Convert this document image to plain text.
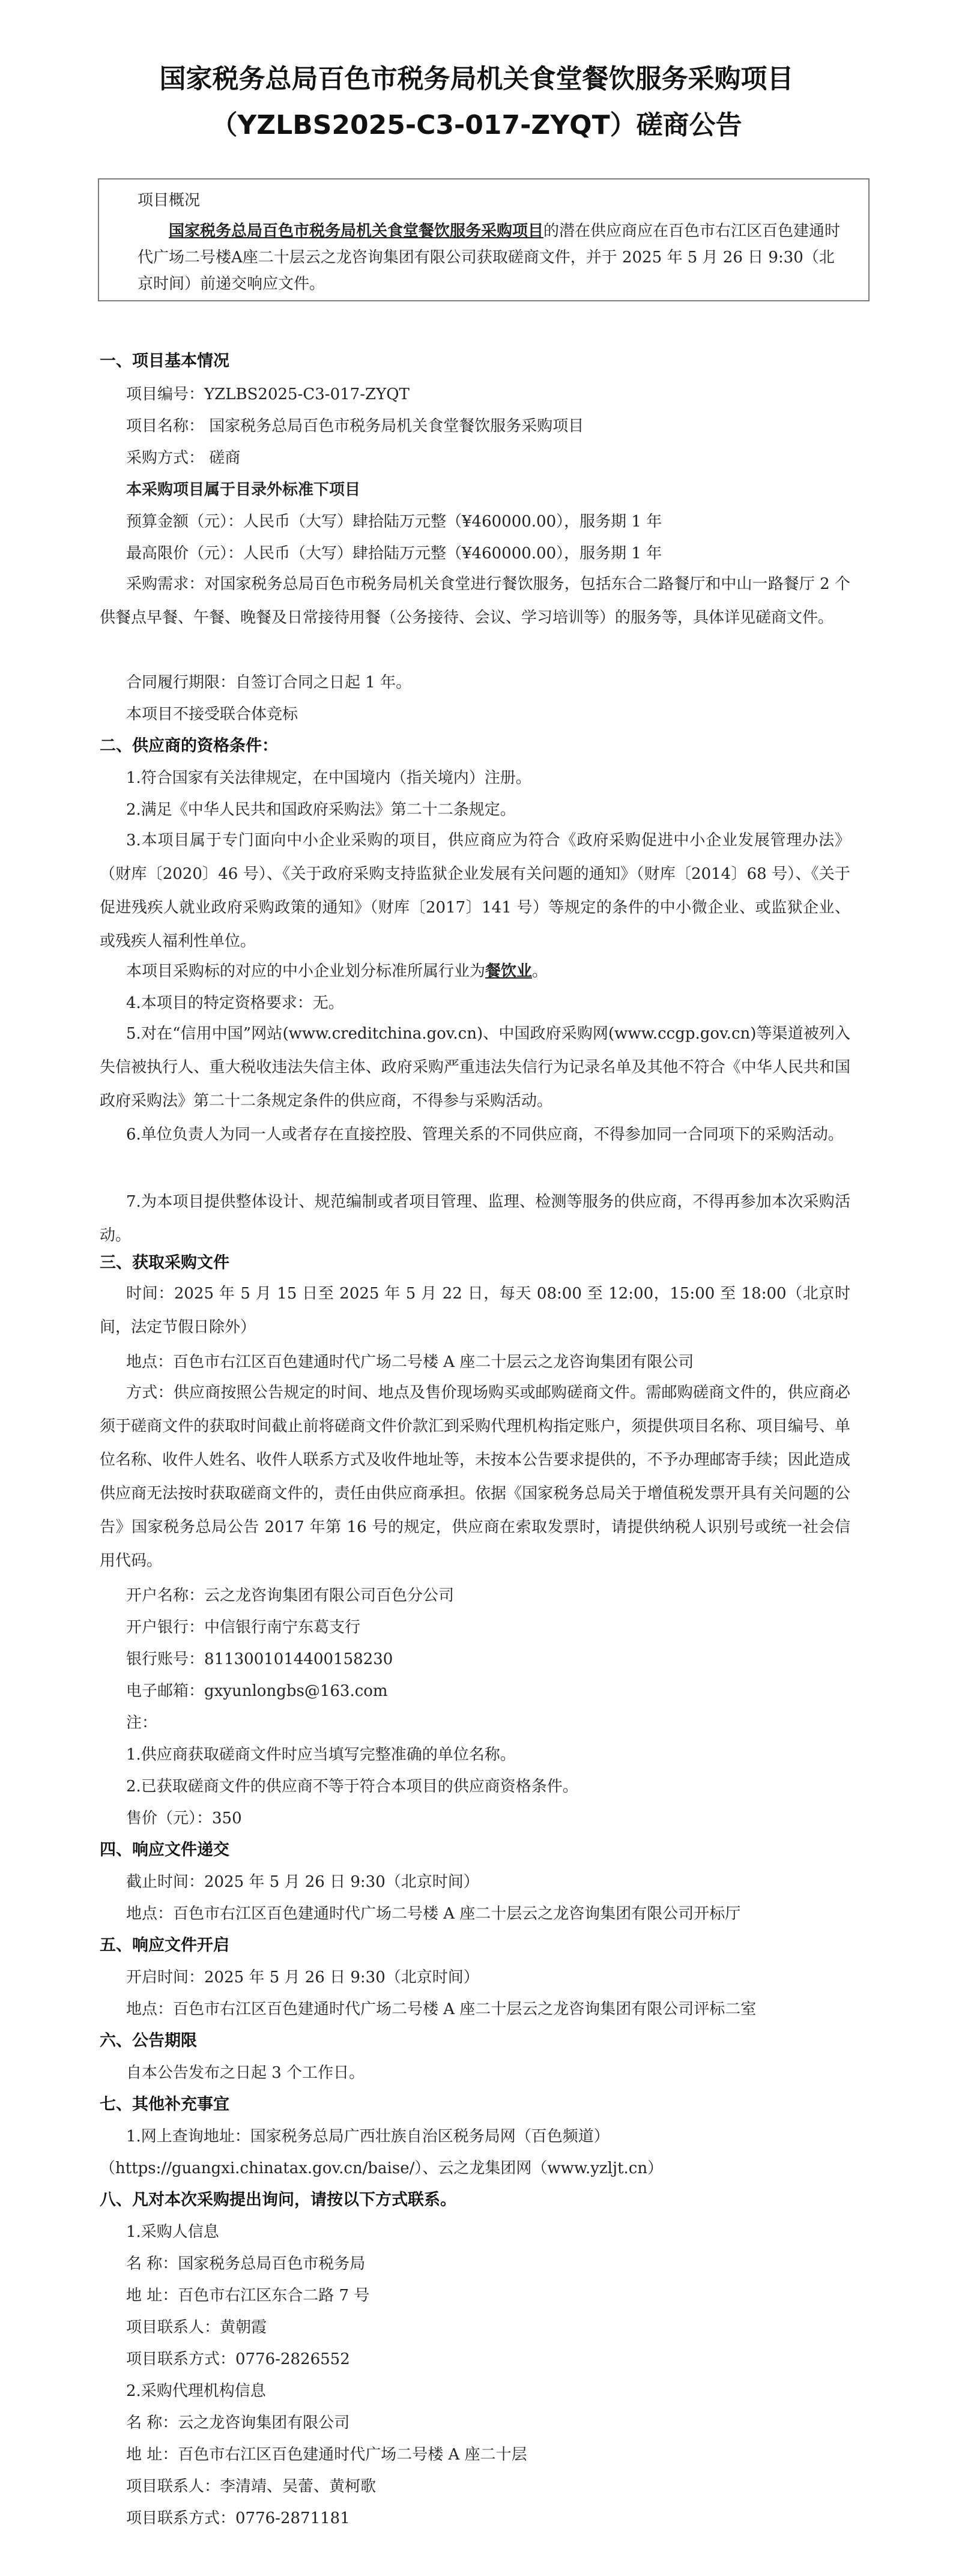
国家税务总局百色市税务局机关食堂餐饮服务采购项目
（YZLBS2025-C3-017-ZYQT）磋商公告
项目概况
国家税务总局百色市税务局机关食堂餐饮服务采购项目的潜在供应商应在百色市右江区百色建通时代广场二号楼A座二十层云之龙咨询集团有限公司获取磋商文件，并于 2025 年 5 月 26 日 9:30（北京时间）前递交响应文件。
一、项目基本情况
项目编号：YZLBS2025-C3-017-ZYQT
项目名称： 国家税务总局百色市税务局机关食堂餐饮服务采购项目
采购方式： 磋商
本采购项目属于目录外标准下项目
预算金额（元）：人民币（大写）肆拾陆万元整（¥460000.00），服务期 1 年
最高限价（元）：人民币（大写）肆拾陆万元整（¥460000.00），服务期 1 年
采购需求：对国家税务总局百色市税务局机关食堂进行餐饮服务，包括东合二路餐厅和中山一路餐厅 2 个供餐点早餐、午餐、晚餐及日常接待用餐（公务接待、会议、学习培训等）的服务等，具体详见磋商文件。
合同履行期限：自签订合同之日起 1 年。
本项目不接受联合体竞标
二、供应商的资格条件：
1.符合国家有关法律规定，在中国境内（指关境内）注册。
2.满足《中华人民共和国政府采购法》第二十二条规定。
3.本项目属于专门面向中小企业采购的项目，供应商应为符合《政府采购促进中小企业发展管理办法》（财库〔2020〕46 号）、《关于政府采购支持监狱企业发展有关问题的通知》（财库〔2014〕68 号）、《关于促进残疾人就业政府采购政策的通知》（财库〔2017〕141 号）等规定的条件的中小微企业、或监狱企业、或残疾人福利性单位。
本项目采购标的对应的中小企业划分标准所属行业为餐饮业。
4.本项目的特定资格要求：无。
5.对在“信用中国”网站(www.creditchina.gov.cn)、中国政府采购网(www.ccgp.gov.cn)等渠道被列入失信被执行人、重大税收违法失信主体、政府采购严重违法失信行为记录名单及其他不符合《中华人民共和国政府采购法》第二十二条规定条件的供应商，不得参与采购活动。
6.单位负责人为同一人或者存在直接控股、管理关系的不同供应商，不得参加同一合同项下的采购活动。
7.为本项目提供整体设计、规范编制或者项目管理、监理、检测等服务的供应商，不得再参加本次采购活动。
三、获取采购文件
时间：2025 年 5 月 15 日至 2025 年 5 月 22 日，每天 08:00 至 12:00，15:00 至 18:00（北京时间，法定节假日除外）
地点：百色市右江区百色建通时代广场二号楼 A 座二十层云之龙咨询集团有限公司
方式：供应商按照公告规定的时间、地点及售价现场购买或邮购磋商文件。需邮购磋商文件的，供应商必须于磋商文件的获取时间截止前将磋商文件价款汇到采购代理机构指定账户，须提供项目名称、项目编号、单位名称、收件人姓名、收件人联系方式及收件地址等，未按本公告要求提供的，不予办理邮寄手续；因此造成供应商无法按时获取磋商文件的，责任由供应商承担。依据《国家税务总局关于增值税发票开具有关问题的公告》国家税务总局公告 2017 年第 16 号的规定，供应商在索取发票时，请提供纳税人识别号或统一社会信用代码。
开户名称：云之龙咨询集团有限公司百色分公司
开户银行：中信银行南宁东葛支行
银行账号：8113001014400158230
电子邮箱：gxyunlongbs@163.com
注：
1.供应商获取磋商文件时应当填写完整准确的单位名称。
2.已获取磋商文件的供应商不等于符合本项目的供应商资格条件。
售价（元）：350
四、响应文件递交
截止时间：2025 年 5 月 26 日 9:30（北京时间）
地点：百色市右江区百色建通时代广场二号楼 A 座二十层云之龙咨询集团有限公司开标厅
五、响应文件开启
开启时间：2025 年 5 月 26 日 9:30（北京时间）
地点：百色市右江区百色建通时代广场二号楼 A 座二十层云之龙咨询集团有限公司评标二室
六、公告期限
自本公告发布之日起 3 个工作日。
七、其他补充事宜
1.网上查询地址：国家税务总局广西壮族自治区税务局网（百色频道）
（https://guangxi.chinatax.gov.cn/baise/）、云之龙集团网（www.yzljt.cn）
八、凡对本次采购提出询问，请按以下方式联系。
1.采购人信息
名 称：国家税务总局百色市税务局
地 址：百色市右江区东合二路 7 号
项目联系人：黄朝霞
项目联系方式：0776-2826552
2.采购代理机构信息
名 称：云之龙咨询集团有限公司
地 址：百色市右江区百色建通时代广场二号楼 A 座二十层
项目联系人：李清靖、吴蕾、黄柯歌
项目联系方式：0776-2871181
